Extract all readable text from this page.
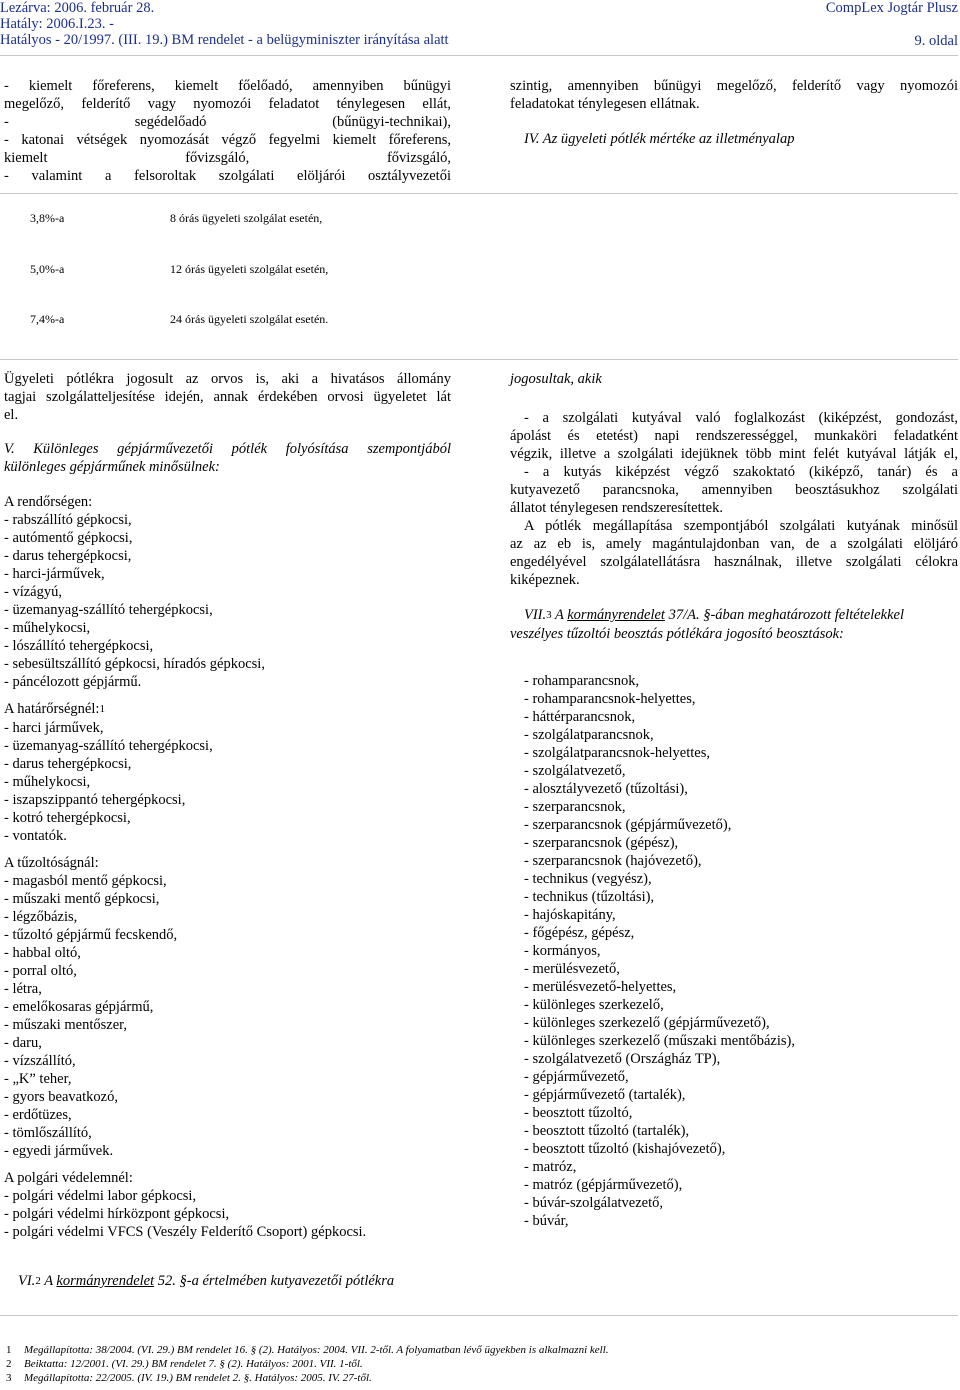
Lezárva: 2006. február 28.	CompLex Jogtár Plusz
Hatály: 2006.I.23. -
Hatályos - 20/1997. (III. 19.) BM rendelet - a belügyminiszter irányítása alatt	9. oldal
- kiemelt főreferens, kiemelt főelőadó, amennyiben bűnügyi
megelőző, felderítő vagy nyomozói feladatot ténylegesen ellát,
- segédelőadó (bűnügyi-technikai),
- katonai vétségek nyomozását végző fegyelmi kiemelt főreferens,
kiemelt fővizsgáló, fővizsgáló,
- valamint a felsoroltak szolgálati elöljárói osztályvezetői
szintig, amennyiben bűnügyi megelőző, felderítő vagy nyomozói
feladatokat ténylegesen ellátnak.
IV. Az ügyeleti pótlék mértéke az illetményalap
3,8%-a	8 órás ügyeleti szolgálat esetén,
5,0%-a	12 órás ügyeleti szolgálat esetén,
7,4%-a	24 órás ügyeleti szolgálat esetén.
Ügyeleti pótlékra jogosult az orvos is, aki a hivatásos állomány
tagjai szolgálatteljesítése idején, annak érdekében orvosi ügyeletet lát
el.
V. Különleges gépjárművezetői pótlék folyósítása szempontjából
különleges gépjárműnek minősülnek:
A rendőrségen:
- rabszállító gépkocsi,
- autómentő gépkocsi,
- darus tehergépkocsi,
- harci-járművek,
- vízágyú,
- üzemanyag-szállító tehergépkocsi,
- műhelykocsi,
- lószállító tehergépkocsi,
- sebesültszállító gépkocsi, híradós gépkocsi,
- páncélozott gépjármű.
A határőrségnél:$^1$
- harci járművek,
- üzemanyag-szállító tehergépkocsi,
- darus tehergépkocsi,
- műhelykocsi,
- iszapszippantó tehergépkocsi,
- kotró tehergépkocsi,
- vontatók.
A tűzoltóságnál:
- magasból mentő gépkocsi,
- műszaki mentő gépkocsi,
- légzőbázis,
- tűzoltó gépjármű fecskendő,
- habbal oltó,
- porral oltó,
- létra,
- emelőkosaras gépjármű,
- műszaki mentőszer,
- daru,
- vízszállító,
- „K” teher,
- gyors beavatkozó,
- erdőtüzes,
- tömlőszállító,
- egyedi járművek.
A polgári védelemnél:
- polgári védelmi labor gépkocsi,
- polgári védelmi hírközpont gépkocsi,
- polgári védelmi VFCS (Veszély Felderítő Csoport) gépkocsi.
VI.$^2$ A kormányrendelet 52. §-a értelmében kutyavezetői pótlékra
jogosultak, akik
- a szolgálati kutyával való foglalkozást (kiképzést, gondozást,
ápolást és etetést) napi rendszerességgel, munkaköri feladatként
végzik, illetve a szolgálati idejüknek több mint felét kutyával látják el,
- a kutyás kiképzést végző szakoktató (kiképző, tanár) és a
kutyavezető parancsnoka, amennyiben beosztásukhoz szolgálati
állatot ténylegesen rendszeresítettek.
A pótlék megállapítása szempontjából szolgálati kutyának minősül
az az eb is, amely magántulajdonban van, de a szolgálati elöljáró
engedélyével szolgálatellátásra használnak, illetve szolgálati célokra
kiképeznek.
VII.$^3$ A kormányrendelet 37/A. §-ában meghatározott feltételekkel
veszélyes tűzoltói beosztás pótlékára jogosító beosztások:
- rohamparancsnok,
- rohamparancsnok-helyettes,
- háttérparancsnok,
- szolgálatparancsnok,
- szolgálatparancsnok-helyettes,
- szolgálatvezető,
- alosztályvezető (tűzoltási),
- szerparancsnok,
- szerparancsnok (gépjárművezető),
- szerparancsnok (gépész),
- szerparancsnok (hajóvezető),
- technikus (vegyész),
- technikus (tűzoltási),
- hajóskapitány,
- főgépész, gépész,
- kormányos,
- merülésvezető,
- merülésvezető-helyettes,
- különleges szerkezelő,
- különleges szerkezelő (gépjárművezető),
- különleges szerkezelő (műszaki mentőbázis),
- szolgálatvezető (Országház TP),
- gépjárművezető,
- gépjárművezető (tartalék),
- beosztott tűzoltó,
- beosztott tűzoltó (tartalék),
- beosztott tűzoltó (kishajóvezető),
- matróz,
- matróz (gépjárművezető),
- búvár-szolgálatvezető,
- búvár,
1 Megállapította: 38/2004. (VI. 29.) BM rendelet 16. § (2). Hatályos: 2004. VII. 2-től. A folyamatban lévő ügyekben is alkalmazni kell.
2 Beiktatta: 12/2001. (VI. 29.) BM rendelet 7. § (2). Hatályos: 2001. VII. 1-től.
3 Megállapította: 22/2005. (IV. 19.) BM rendelet 2. §. Hatályos: 2005. IV. 27-től.
